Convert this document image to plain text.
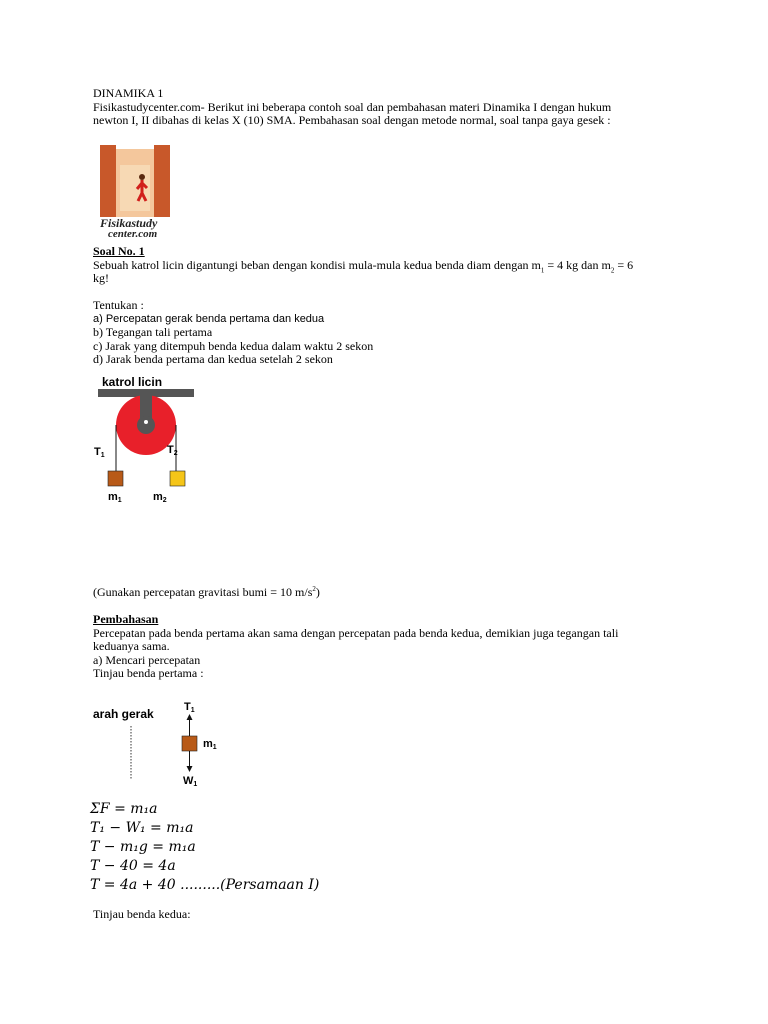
DINAMIKA 1

Fisikastudycenter.com- Berikut ini beberapa contoh soal dan pembahasan materi Dinamika I dengan hukum

newton I, II dibahas di kelas X (10) SMA. Pembahasan soal dengan metode normal, soal tanpa gaya gesek :

Fisikastudy
center.com

Soal No. 1

Sebuah katrol licin digantungi beban dengan kondisi mula-mula kedua benda diam dengan $m_1 = 4$ kg dan $m_2 = 6$

kg!

Tentukan :

a) Percepatan gerak benda pertama dan kedua

b) Tegangan tali pertama

c) Jarak yang ditempuh benda kedua dalam waktu 2 sekon

d) Jarak benda pertama dan kedua setelah 2 sekon

katrol licin
T1	T2
m1	m2

(Gunakan percepatan gravitasi bumi = 10 $m/s^2$)

Pembahasan

Percepatan pada benda pertama akan sama dengan percepatan pada benda kedua, demikian juga tegangan tali

keduanya sama.

a) Mencari percepatan

Tinjau benda pertama :

arah gerak	T1
m1
W1
ΣF = m₁a
T₁ − W₁ = m₁a
T − m₁g = m₁a
T − 40 = 4a
T = 4a + 40 .........(Persamaan I)

Tinjau benda kedua:
